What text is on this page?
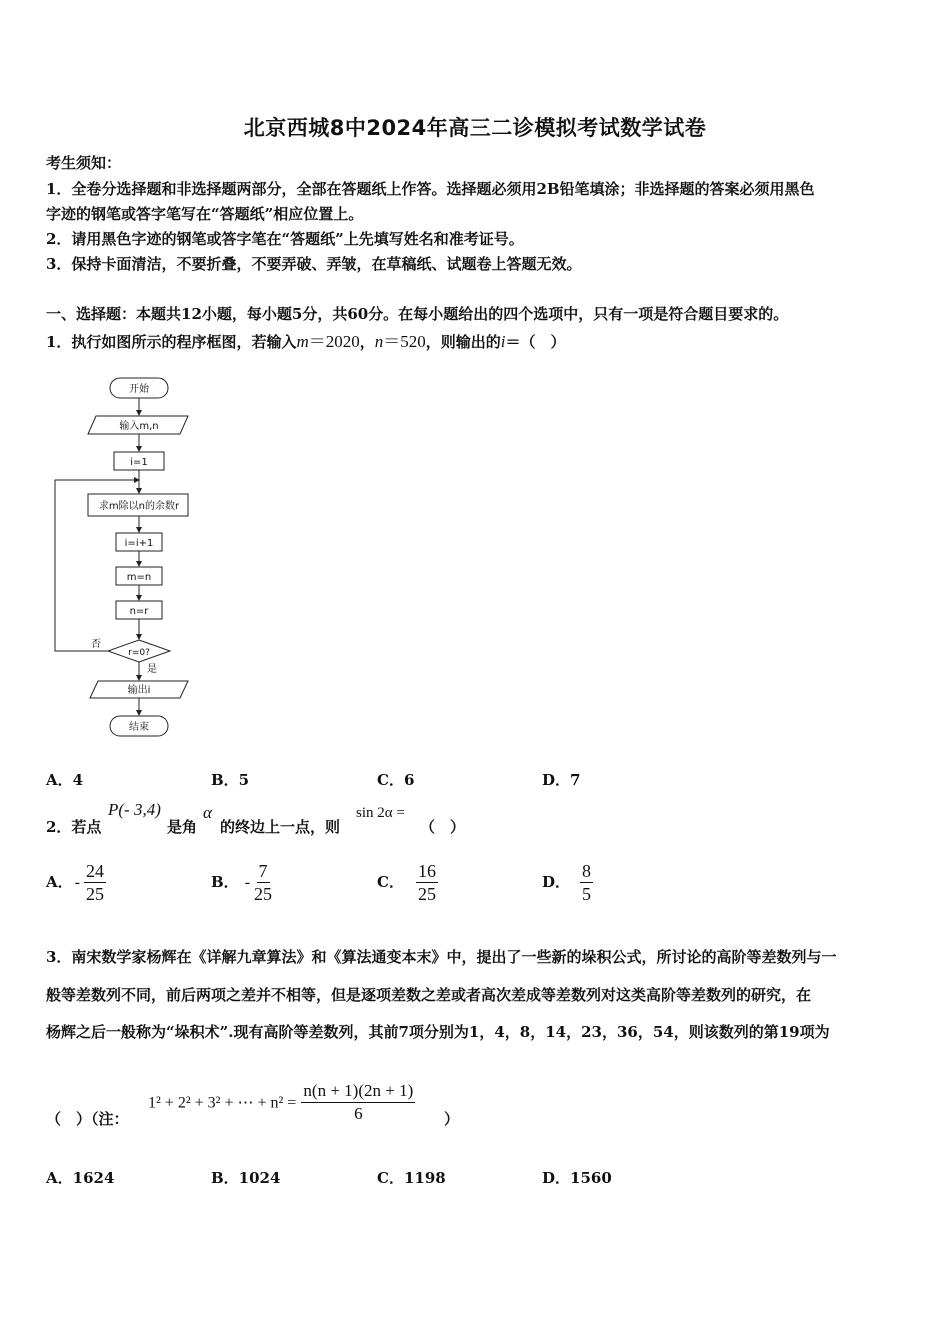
北京西城8中2024年高三二诊模拟考试数学试卷
考生须知：
1．全卷分选择题和非选择题两部分，全部在答题纸上作答。选择题必须用2B铅笔填涂；非选择题的答案必须用黑色
字迹的钢笔或答字笔写在“答题纸”相应位置上。
2．请用黑色字迹的钢笔或答字笔在“答题纸”上先填写姓名和准考证号。
3．保持卡面清洁，不要折叠，不要弄破、弄皱，在草稿纸、试题卷上答题无效。
一、选择题：本题共12小题，每小题5分，共60分。在每小题给出的四个选项中，只有一项是符合题目要求的。
1．执行如图所示的程序框图，若输入m＝2020，n＝520，则输出的i＝（　）
开始
输入m,n
i=1
求m除以n的余数r
i=i+1
m=n
n=r
r=0?
否
是
输出i
结束
A．4	B．5	C．6	D．7
2．若点
P(- 3,4)
是角
α
的终边上一点，则
sin 2α =
（　）
A． - $\frac{24}{25}$	B． - $\frac{7}{25}$	C． $\frac{16}{25}$	D． $\frac{8}{5}$
3．南宋数学家杨辉在《详解九章算法》和《算法通变本末》中，提出了一些新的垛积公式，所讨论的高阶等差数列与一
般等差数列不同，前后两项之差并不相等，但是逐项差数之差或者高次差成等差数列对这类高阶等差数列的研究，在
杨辉之后一般称为“垛积术”.现有高阶等差数列，其前7项分别为1，4，8，14，23，36，54，则该数列的第19项为
（　）（注：
1² + 2² + 3² + ⋯ + $n^2 = \frac{n(n + 1)(2n + 1)}{6}$ ）
A．1624	B．1024	C．1198	D．1560
